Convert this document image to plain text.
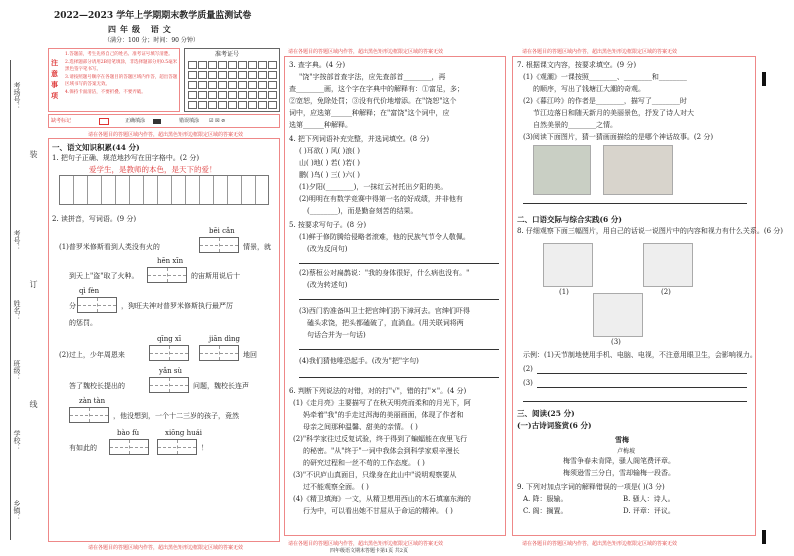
考场号：
考号：
姓名：
班级：
学校：
乡镇：
装
订
线
2022—2023 学年上学期期末教学质量监测试卷
四年级 语文
（满分：100 分；时间：90 分钟）
注意事项
1.答题前，考生先将自己的姓名、准考证号填写清楚。
2.选择题部分请用2B铅笔填涂，非选择题部分用0.5毫米黑色签字笔书写。
3.请按照题号顺序在各题目的答题区域内作答，超出答题区域书写的答案无效。
4.保持卡面清洁，不要折叠、不要弄破。
准考证号
缺考标记	正确填涂	错误填涂 ☑ ☒ ⊘
请在各题目的答题区域内作答，超出黑色矩形边框限定区域的答案无效
一、语文知识积累(44 分)
1. 把句子正确、规范地抄写在田字格中。(2 分)
爱学生，是教师的本色，是天下的爱！
2. 读拼音，写词语。(9 分)
bēi cǎn
(1)普罗米修斯看到人类没有火的	情景，就
hēn xīn
到天上"盗"取了火种。	的宙斯用说后十
qì fèn
分	，狗旺夫神对普罗米修斯执行最严厉
的惩罚。
qīng xī	jiān dìng
(2)过上，少年周恩来	地回
yǎn sù
答了魏校长提出的	问题，魏校长连声
zàn tàn
，他没想到，一个十二三岁的孩子，竟然
bào fù	xiōng huái
有如此的	！
请在各题目的答题区域内作答，超出黑色矩形边框限定区域的答案无效
请在各题目的答题区域内作答，超出黑色矩形边框限定区域的答案无效
3. 查字典。(4 分)
"饶"字按部首查字法，应先查部首________，再
查________画，这个字在字典中的解释有：①富足，多；
②宽恕，免除处罚；③没有代价地增添。在"饶恕"这个
词中，应选第______种解释；在"富饶"这个词中，应
选第______种解释。
4. 把下列词语补充完整，并选词填空。(8 分)
( )耳欲( ) 风( )浪( )
山( )地( ) 若( )若( )
鹏( )鸟( ) 三( )六( )
(1)夕阳(________)，一抹红云衬托出夕阳的美。
(2)明明在有数学竞赛中得第一名的好成绩，并非他有
(________)，而是勤奋刻苦的结果。
5. 按要求写句子。(8 分)
(1)鲜于修防腾给侵略者滚难，他的民族气节令人敬佩。
(改为反问句)
(2)蔡桓公对扁鹊说："我的身体很好，什么病也没有。"
(改为转述句)
(3)西门豹准备叫卫士把官绅们扔下漳河去。官绅们吓得
磕头求饶，把头都磕破了，直淌血。(用关联词将两
句话合并为一句话)
(4)我们猜他唯恐起手。(改为"把"字句)
6. 判断下列说法的对错，对的打"√"，错的打"×"。(4 分)
(1)《走月亮》主要描写了在秋天明亮而柔和的月光下，阿
妈牵着"我"的手走过洱海的美丽画面，体现了作者和
母亲之间那种温馨、甜美的亲情。 ( )
(2)"科学家往过反复试验，终于得到了蝙蝠能在夜里飞行
的秘密。"从"终于"一词中我体会到科学家艰辛漫长
的研究过程和一丝不苟的工作态度。 ( )
(3)"不识庐山真面目，只缘身在此山中"说明观察要从
过不能观察全面。 ( )
(4)《精卫填海》一文，从精卫想用西山的木石填塞东海的
行为中，可以看出她不甘屈从于命运的精神。 ( )
请在各题目的答题区域内作答，超出黑色矩形边框限定区域的答案无效
请在各题目的答题区域内作答，超出黑色矩形边框限定区域的答案无效
7. 根据课文内容，按要求填空。(9 分)
(1)《观潮》一课按照________、________和________
的顺序，写出了钱塘江大潮的奇观。
(2)《暮江吟》的作者是________，描写了________时
节江边落日和随天新月的美丽景色，抒发了诗人对大
自然美景的________之情。
(3)阅读下面图片，猜一猜画面描绘的是哪个神话故事。(2 分)
二、口语交际与综合实践(6 分)
8. 仔细观察下面三幅图片，用自己的话说一说图片中的内容和视力有什么关系。(6 分)
(1)	(2)
(3)
示例：(1)天节制地使用手机、电脑、电视，不注意用眼卫生，会影响视力。
(2)
(3)
三、阅读(25 分)
(一)古诗词鉴赏(6 分)
雪梅
卢梅坡
梅雪争春未肯降，骚人阁笔费评章。
梅须逊雪三分白，雪却输梅一段香。
9. 下列对加点字词的解释错误的一项是( )(3 分)
A. 降：服输。	B. 骚人：诗人。
C. 阁：搁置。	D. 评章：评议。
请在各题目的答题区域内作答，超出黑色矩形边框限定区域的答案无效
四年级语文期末答题卡第1页 共2页
